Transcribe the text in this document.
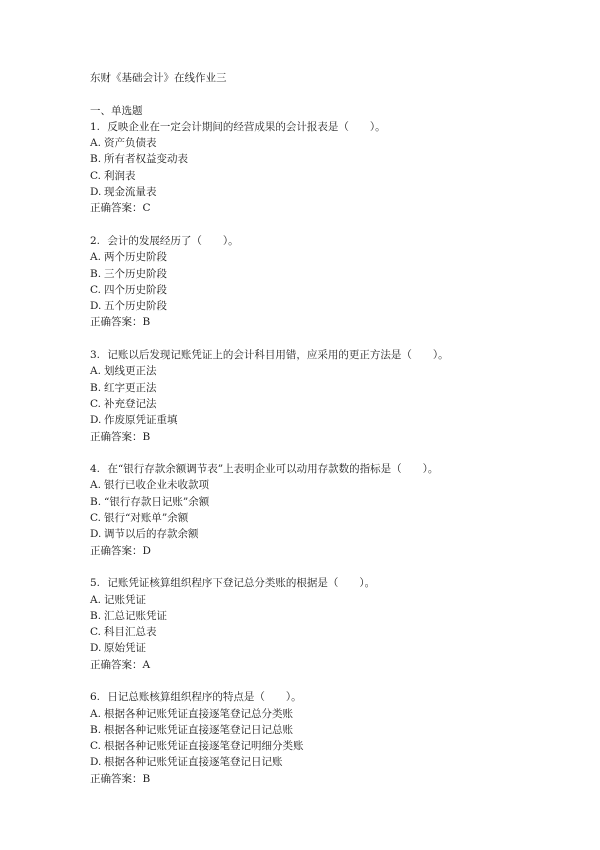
东财《基础会计》在线作业三
一、单选题
1. 反映企业在一定会计期间的经营成果的会计报表是（　　）。
A. 资产负债表
B. 所有者权益变动表
C. 利润表
D. 现金流量表
正确答案：C
2. 会计的发展经历了（　　）。
A. 两个历史阶段
B. 三个历史阶段
C. 四个历史阶段
D. 五个历史阶段
正确答案：B
3. 记账以后发现记账凭证上的会计科目用错，应采用的更正方法是（　　）。
A. 划线更正法
B. 红字更正法
C. 补充登记法
D. 作废原凭证重填
正确答案：B
4. 在“银行存款余额调节表”上表明企业可以动用存款数的指标是（　　）。
A. 银行已收企业未收款项
B. “银行存款日记账”余额
C. 银行“对账单”余额
D. 调节以后的存款余额
正确答案：D
5. 记账凭证核算组织程序下登记总分类账的根据是（　　）。
A. 记账凭证
B. 汇总记账凭证
C. 科目汇总表
D. 原始凭证
正确答案：A
6. 日记总账核算组织程序的特点是（　　）。
A. 根据各种记账凭证直接逐笔登记总分类账
B. 根据各种记账凭证直接逐笔登记日记总账
C. 根据各种记账凭证直接逐笔登记明细分类账
D. 根据各种记账凭证直接逐笔登记日记账
正确答案：B
